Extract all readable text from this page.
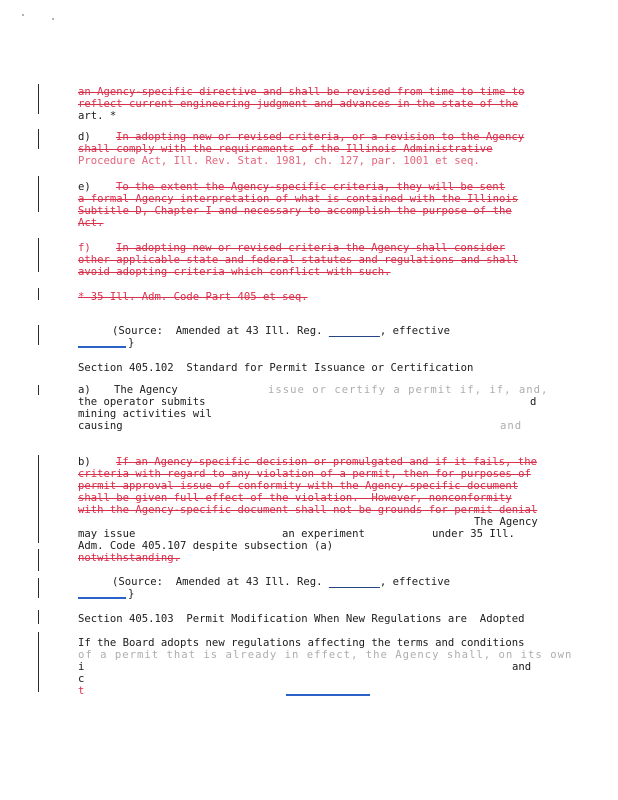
an Agency-specific directive and shall be revised from time to time to
reflect current engineering judgment and advances in the state of the
art. *
d) In adopting new or revised criteria, or a revision to the Agency
shall comply with the requirements of the Illinois Administrative
Procedure Act, Ill. Rev. Stat. 1981, ch. 127, par. 1001 et seq.
e) To the extent the Agency-specific criteria, they will be sent
a formal Agency interpretation of what is contained with the Illinois
Subtitle D, Chapter I and necessary to accomplish the purpose of the
Act.
f) In adopting new or revised criteria the Agency shall consider
other applicable state and federal statutes and regulations and shall
avoid adopting criteria which conflict with such.
* 35 Ill. Adm. Code Part 405 et seq.
(Source:  Amended at 43 Ill. Reg. ________, effective
}
Section 405.102  Standard for Permit Issuance or Certification
a) The Agency	issue or certify a permit if, if, and,
the operator submits	d
mining activities wil
causing	and
b) If an Agency-specific decision or promulgated and if it fails, the
criteria with regard to any violation of a permit, then for purposes of
permit approval issue of conformity with the Agency-specific document
shall be given full effect of the violation.  However, nonconformity
with the Agency-specific document shall not be grounds for permit denial
The Agency
may issue	an experiment	under 35 Ill.
Adm. Code 405.107 despite subsection (a)
notwithstanding.
(Source:  Amended at 43 Ill. Reg. ________, effective
}
Section 405.103  Permit Modification When New Regulations are  Adopted
If the Board adopts new regulations affecting the terms and conditions
of a permit that is already in effect, the Agency shall, on its own
i	and
c
t
